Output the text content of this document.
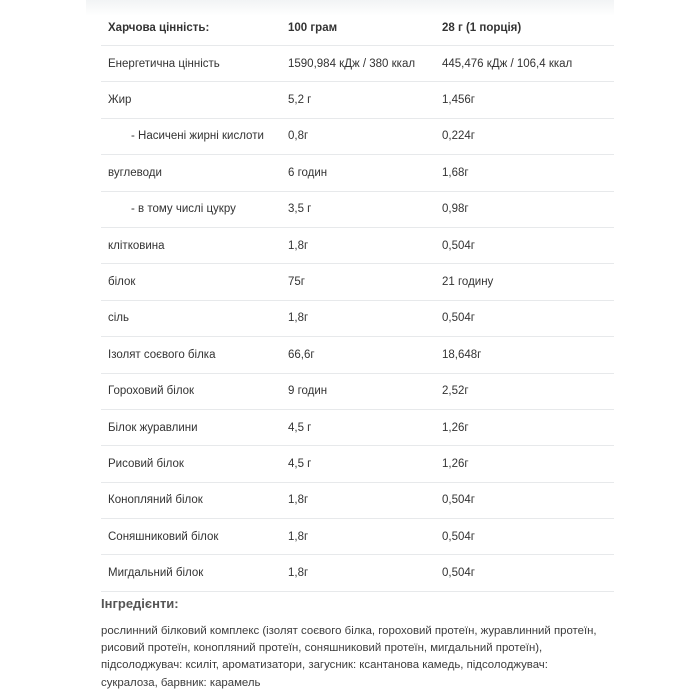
Харчова цінність:	100 грам	28 г (1 порція)
Енергетична цінність	1590,984 кДж / 380 ккал	445,476 кДж / 106,4 ккал
Жир	5,2 г	1,456г
- Насичені жирні кислоти	0,8г	0,224г
вуглеводи	6 годин	1,68г
- в тому числі цукру	3,5 г	0,98г
клітковина	1,8г	0,504г
білок	75г	21 годину
сіль	1,8г	0,504г
Ізолят соєвого білка	66,6г	18,648г
Гороховий білок	9 годин	2,52г
Білок журавлини	4,5 г	1,26г
Рисовий білок	4,5 г	1,26г
Конопляний білок	1,8г	0,504г
Соняшниковий білок	1,8г	0,504г
Мигдальний білок	1,8г	0,504г
Інгредієнти:

рослинний білковий комплекс (ізолят соєвого білка, гороховий протеїн, журавлинний протеїн, рисовий протеїн, конопляний протеїн, соняшниковий протеїн, мигдальний протеїн), підсолоджувач: ксиліт, ароматизатори, загусник: ксантанова камедь, підсолоджувач: сукралоза, барвник: карамель
